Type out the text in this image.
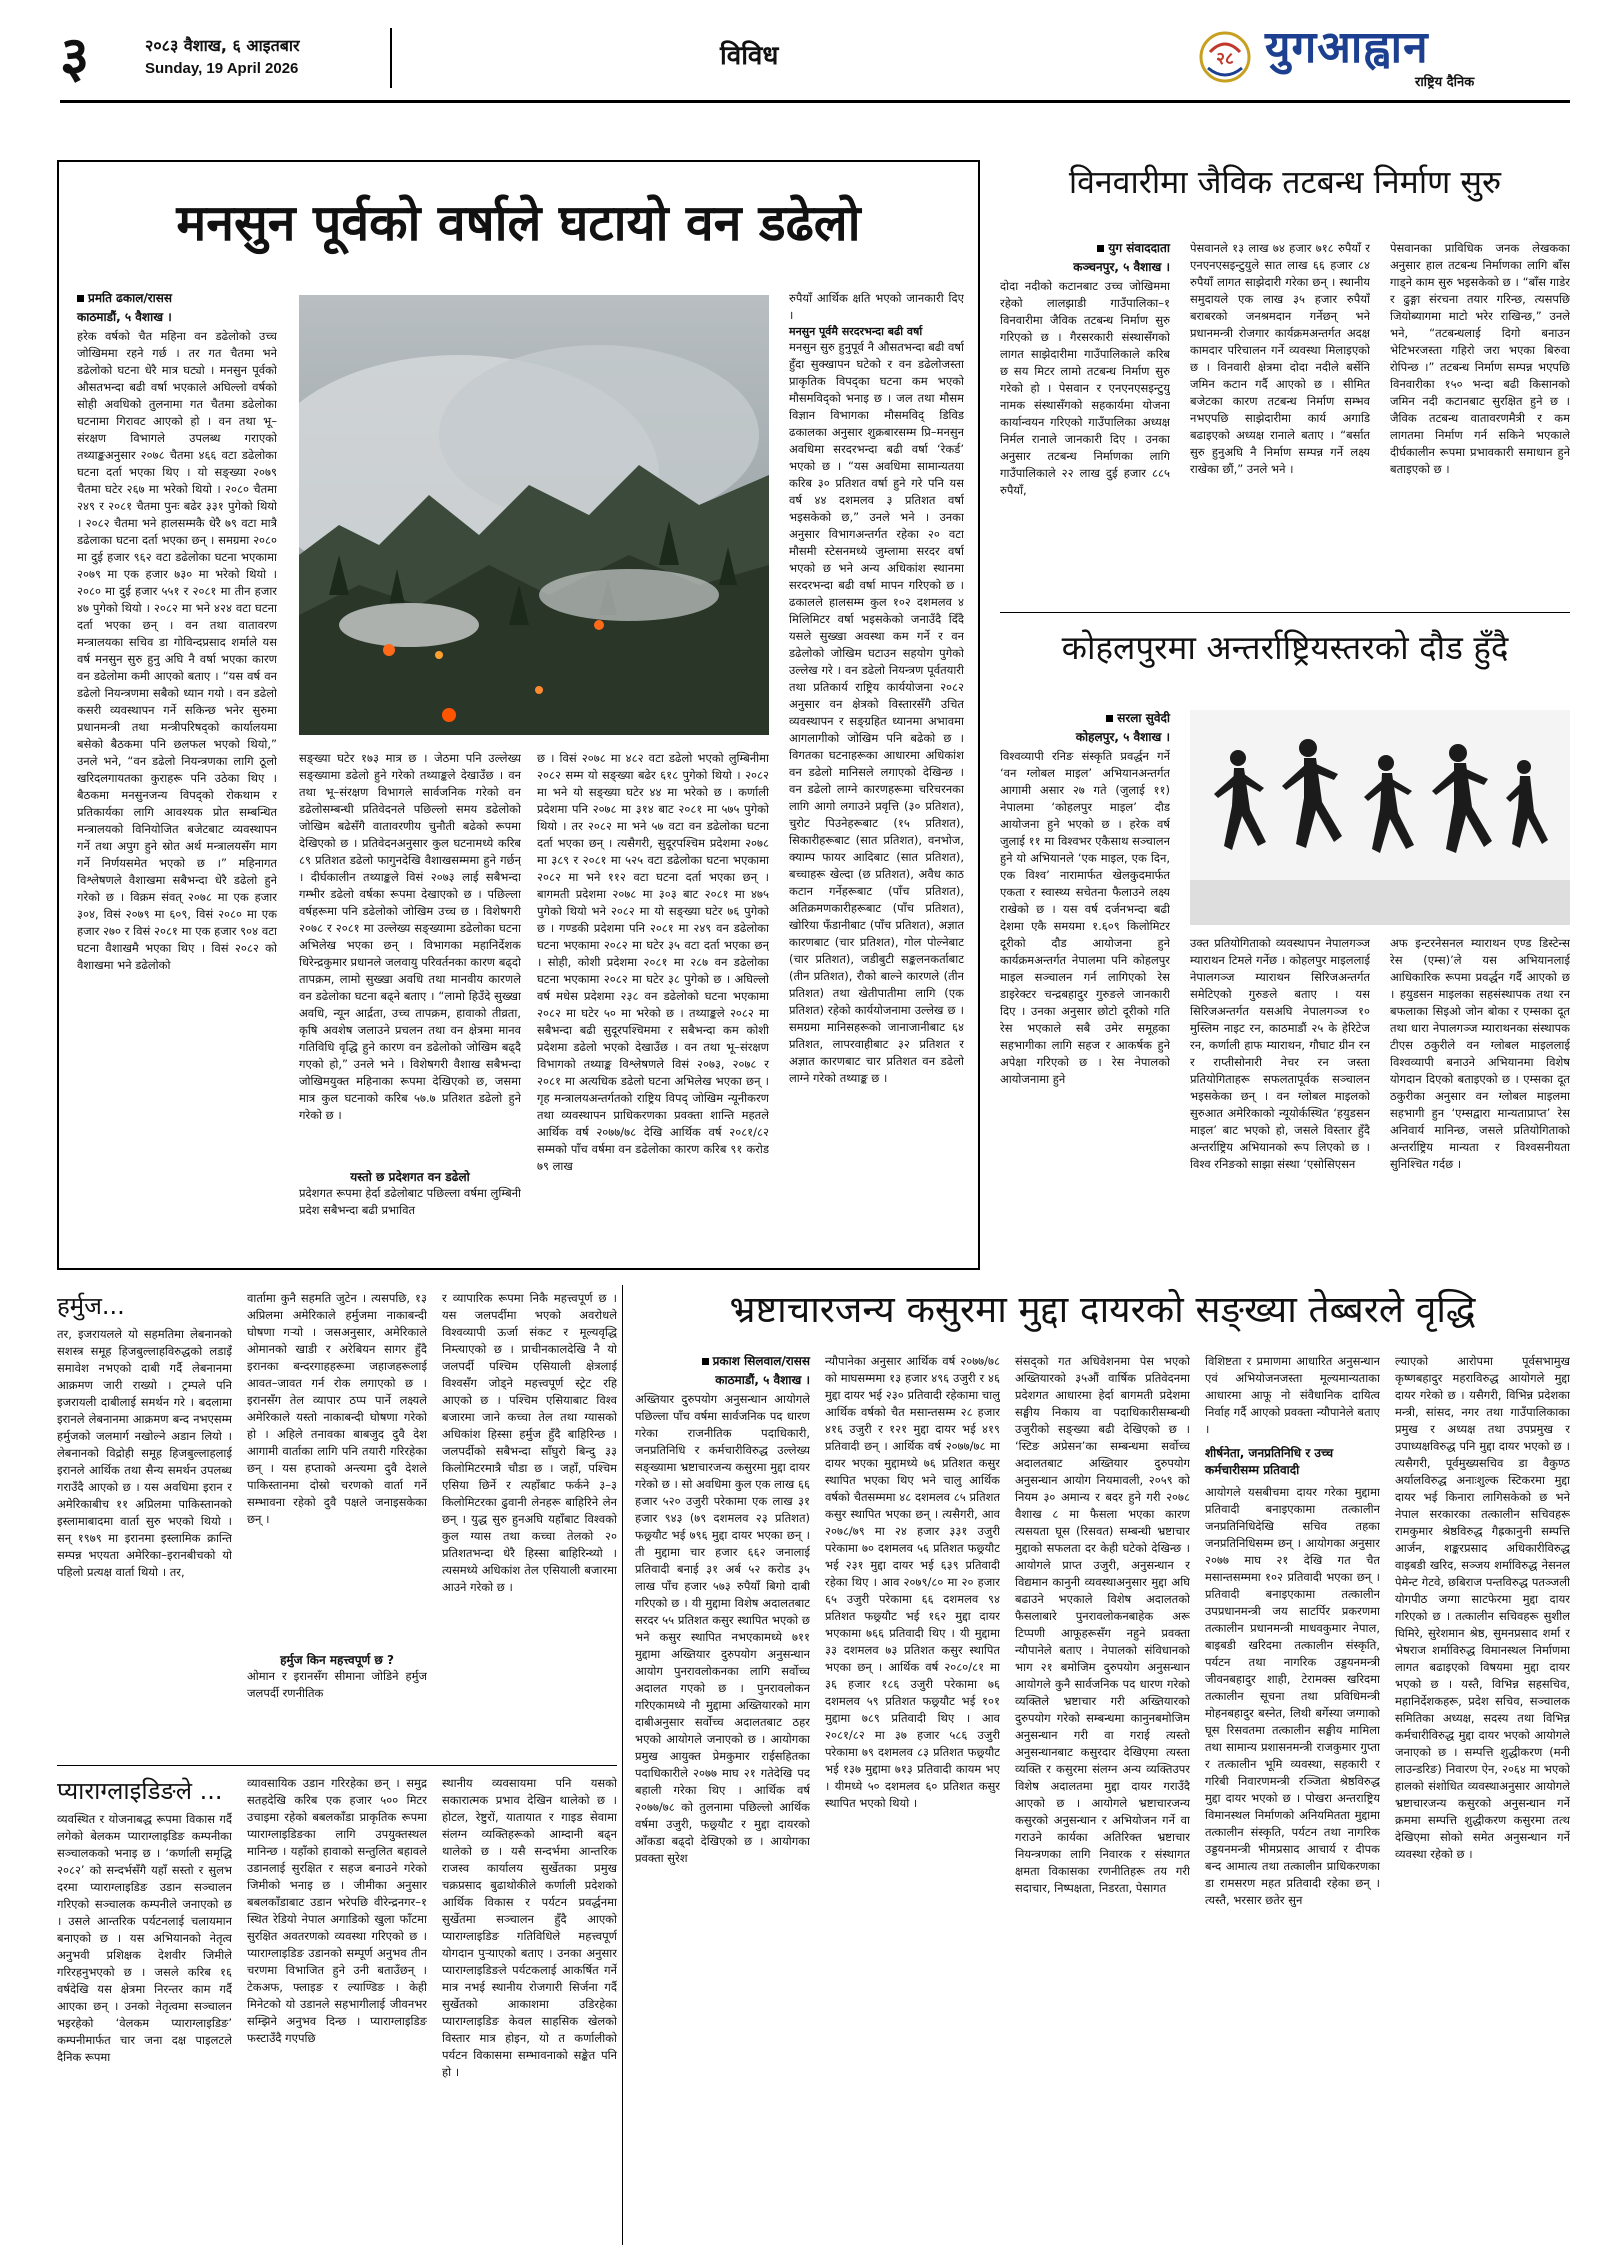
३	२०८३ वैशाख, ६ आइतबार
Sunday, 19 April 2026	विविध	२८ युगआह्वान
राष्ट्रिय दैनिक
मनसुन पूर्वको वर्षाले घटायो वन डढेलो
प्रमति ढकाल/रासस
काठमाडौं, ५ वैशाख ।
हरेक वर्षको चैत महिना वन डढेलोको उच्च जोखिममा रहने गर्छ । तर गत चैतमा भने डढेलोको घटना धेरै मात्र घट्यो । मनसुन पूर्वको औसतभन्दा बढी वर्षा भएकाले अघिल्लो वर्षको सोही अवधिको तुलनामा गत चैतमा डढेलोका घटनामा गिरावट आएको हो । वन तथा भू–संरक्षण विभागले उपलब्ध गराएको तथ्याङ्कअनुसार २०७८ चैतमा ४६६ वटा डढेलोका घटना दर्ता भएका थिए । यो सङ्ख्या २०७९ चैतमा घटेर २६७ मा भरेको थियो । २०८० चैतमा २४९ र २०८१ चैतमा पुनः बढेर ३३१ पुगेको थियो । २०८२ चैतमा भने हालसम्मकै धेरै ७९ वटा मात्रै डढेलाका घटना दर्ता भएका छन् । समग्रमा २०८० मा दुई हजार ९६२ वटा डढेलोका घटना भएकामा २०७९ मा एक हजार ७३० मा भरेको थियो । २०८० मा दुई हजार ५५१ र २०८१ मा तीन हजार ४७ पुगेको थियो । २०८२ मा भने ४२४ वटा घटना दर्ता भएका छन् । वन तथा वातावरण मन्त्रालयका सचिव डा गोविन्दप्रसाद शर्माले यस वर्ष मनसुन सुरु हुनु अघि नै वर्षा भएका कारण वन डढेलोमा कमी आएको बताए । “यस वर्ष वन डढेलो नियन्त्रणमा सबैको ध्यान गयो । वन डढेलो कसरी व्यवस्थापन गर्ने सकिन्छ भनेर सुरुमा प्रधानमन्त्री तथा मन्त्रीपरिषद्को कार्यालयमा बसेको बैठकमा पनि छलफल भएको थियो,” उनले भने, “वन डढेलो नियन्त्रणका लागि ठूलो खरिदलगायतका कुराहरू पनि उठेका थिए । बैठकमा मनसुनजन्य विपद्को रोकथाम र प्रतिकार्यका लागि आवश्यक प्रोत सम्बन्धित मन्त्रालयको विनियोजित बजेटबाट व्यवस्थापन गर्ने तथा अपुग हुने स्रोत अर्थ मन्त्रालयसँग माग गर्ने निर्णयसमेत भएको छ ।” महिनागत विश्लेषणले वैशाखमा सबैभन्दा धेरै डढेलो हुने गरेको छ । विक्रम संवत् २०७८ मा एक हजार ३०४, विसं २०७९ मा ६०९, विसं २०८० मा एक हजार २७० र विसं २०८१ मा एक हजार ९०४ वटा घटना वैशाखमै भएका थिए । विसं २०८२ को वैशाखमा भने डढेलोको
सङ्ख्या घटेर १७३ मात्र छ । जेठमा पनि उल्लेख्य सङ्ख्यामा डढेलो हुने गरेको तथ्याङ्कले देखाउँछ । वन तथा भू–संरक्षण विभागले सार्वजनिक गरेको वन डढेलोसम्बन्धी प्रतिवेदनले पछिल्लो समय डढेलोको जोखिम बढेसँगै वातावरणीय चुनौती बढेको रूपमा देखिएको छ । प्रतिवेदनअनुसार कुल घटनामध्ये करिब ८९ प्रतिशत डढेलो फागुनदेखि वैशाखसम्ममा हुने गर्छन् । दीर्घकालीन तथ्याङ्कले विसं २०७३ लाई सबैभन्दा गम्भीर डढेलो वर्षका रूपमा देखाएको छ । पछिल्ला वर्षहरूमा पनि डढेलोको जोखिम उच्च छ । विशेषगरी २०७८ र २०८१ मा उल्लेख्य सङ्ख्यामा डढेलोका घटना अभिलेख भएका छन् । विभागका महानिर्देशक धिरेन्द्रकुमार प्रधानले जलवायु परिवर्तनका कारण बढ्दो तापक्रम, लामो सुख्खा अवधि तथा मानवीय कारणले वन डढेलोका घटना बढ्ने बताए । “लामो हिउँदे सुख्खा अवधि, न्यून आर्द्रता, उच्च तापक्रम, हावाको तीव्रता, कृषि अवशेष जलाउने प्रचलन तथा वन क्षेत्रमा मानव गतिविधि वृद्धि हुने कारण वन डढेलोको जोखिम बढ्दै गएको हो,” उनले भने । विशेषगरी वैशाख सबैभन्दा जोखिमयुक्त महिनाका रूपमा देखिएको छ, जसमा मात्र कुल घटनाको करिब ५७.७ प्रतिशत डढेलो हुने गरेको छ ।
यस्तो छ प्रदेशगत वन डढेलो
प्रदेशगत रूपमा हेर्दा डढेलोबाट पछिल्ला वर्षमा लुम्बिनी प्रदेश सबैभन्दा बढी प्रभावित
छ । विसं २०७८ मा ४८२ वटा डढेलो भएको लुम्बिनीमा २०८२ सम्म यो सङ्ख्या बढेर ६१८ पुगेको थियो । २०८२ मा भने यो सङ्ख्या घटेर ४४ मा भरेको छ । कर्णाली प्रदेशमा पनि २०७८ मा ३१४ बाट २०८१ मा ५७५ पुगेको थियो । तर २०८२ मा भने ५७ वटा वन डढेलोका घटना दर्ता भएका छन् । त्यसैगरी, सुदूरपश्चिम प्रदेशमा २०७८ मा ३८९ र २०८१ मा ५२५ वटा डढेलोका घटना भएकामा २०८२ मा भने ११२ वटा घटना दर्ता भएका छन् । बागमती प्रदेशमा २०७८ मा ३०३ बाट २०८१ मा ४७५ पुगेको थियो भने २०८२ मा यो सङ्ख्या घटेर ७६ पुगेको छ । गण्डकी प्रदेशमा पनि २०८१ मा २४९ वन डढेलोका घटना भएकामा २०८२ मा घटेर ३५ वटा दर्ता भएका छन् । सोही, कोशी प्रदेशमा २०८१ मा २८७ वन डढेलोका घटना भएकामा २०८२ मा घटेर ३८ पुगेको छ । अघिल्लो वर्ष मधेस प्रदेशमा २३८ वन डढेलोको घटना भएकामा २०८२ मा घटेर ५० मा भरेको छ । तथ्याङ्कले २०८२ मा सबैभन्दा बढी सुदूरपश्चिममा र सबैभन्दा कम कोशी प्रदेशमा डढेलो भएको देखाउँछ । वन तथा भू–संरक्षण विभागको तथ्याङ्क विश्लेषणले विसं २०७३, २०७८ र २०८१ मा अत्यधिक डढेलो घटना अभिलेख भएका छन् । गृह मन्त्रालयअन्तर्गतको राष्ट्रिय विपद् जोखिम न्यूनीकरण तथा व्यवस्थापन प्राधिकरणका प्रवक्ता शान्ति महतले आर्थिक वर्ष २०७७/७८ देखि आर्थिक वर्ष २०८१/८२ सम्मको पाँच वर्षमा वन डढेलोका कारण करिब ९१ करोड ७९ लाख
रुपैयाँ आर्थिक क्षति भएको जानकारी दिए ।
मनसुन पूर्वमै सरदरभन्दा बढी वर्षा
मनसुन सुरु हुनुपूर्व नै औसतभन्दा बढी वर्षा हुँदा सुक्खापन घटेको र वन डढेलोजस्ता प्राकृतिक विपद्का घटना कम भएको मौसमविद्को भनाइ छ । जल तथा मौसम विज्ञान विभागका मौसमविद् डिविड ढकालका अनुसार शुक्रबारसम्म प्रि–मनसुन अवधिमा सरदरभन्दा बढी वर्षा ‘रेकर्ड’ भएको छ । “यस अवधिमा सामान्यतया करिब ३० प्रतिशत वर्षा हुने गरे पनि यस वर्ष ४४ दशमलव ३ प्रतिशत वर्षा भइसकेको छ,” उनले भने । उनका अनुसार विभागअन्तर्गत रहेका २० वटा मौसमी स्टेसनमध्ये जुम्लामा सरदर वर्षा भएको छ भने अन्य अधिकांश स्थानमा सरदरभन्दा बढी वर्षा मापन गरिएको छ । ढकालले हालसम्म कुल १०२ दशमलव ४ मिलिमिटर वर्षा भइसकेको जनाउँदै दिँदै यसले सुख्खा अवस्था कम गर्ने र वन डढेलोको जोखिम घटाउन सहयोग पुगेको उल्लेख गरे । वन डढेलो नियन्त्रण पूर्वतयारी तथा प्रतिकार्य राष्ट्रिय कार्ययोजना २०८२ अनुसार वन क्षेत्रको विस्तारसँगै उचित व्यवस्थापन र सङ्ग्रहित ध्यानमा अभावमा आगलागीको जोखिम पनि बढेको छ । विगतका घटनाहरूका आधारमा अधिकांश वन डढेलो मानिसले लगाएको देखिन्छ । वन डढेलो लाग्ने कारणहरूमा चरिचरनका लागि आगो लगाउने प्रवृत्ति (३० प्रतिशत), चुरोट पिउनेहरूबाट (१५ प्रतिशत), सिकारीहरूबाट (सात प्रतिशत), वनभोज, क्याम्प फायर आदिबाट (सात प्रतिशत), बच्चाहरू खेल्दा (छ प्रतिशत), अवैध काठ कटान गर्नेहरूबाट (पाँच प्रतिशत), अतिक्रमणकारीहरूबाट (पाँच प्रतिशत), खोरिया फँडानीबाट (पाँच प्रतिशत), अज्ञात कारणबाट (चार प्रतिशत), गोल पोल्नेबाट (चार प्रतिशत), जडीबुटी सङ्कलनकर्ताबाट (तीन प्रतिशत), रौको बाल्ने कारणले (तीन प्रतिशत) तथा खेतीपातीमा लागि (एक प्रतिशत) रहेको कार्ययोजनामा उल्लेख छ । समग्रमा मानिसहरूको जानाजानीबाट ६४ प्रतिशत, लापरवाहीबाट ३२ प्रतिशत र अज्ञात कारणबाट चार प्रतिशत वन डढेलो लाग्ने गरेको तथ्याङ्क छ ।
विनवारीमा जैविक तटबन्ध निर्माण सुरु
युग संवाददाता
कञ्चनपुर, ५ वैशाख ।
दोदा नदीको कटानबाट उच्च जोखिममा रहेको लालझाडी गाउँपालिका–१ विनवारीमा जैविक तटबन्ध निर्माण सुरु गरिएको छ । गैरसरकारी संस्थासँगको लागत साझेदारीमा गाउँपालिकाले करिब छ सय मिटर लामो तटबन्ध निर्माण सुरु गरेको हो । पेसवान र एनएनएसइन्टुयु नामक संस्थासँगको सहकार्यमा योजना कार्यान्वयन गरिएको गाउँपालिका अध्यक्ष निर्मल रानाले जानकारी दिए । उनका अनुसार तटबन्ध निर्माणका लागि गाउँपालिकाले २२ लाख दुई हजार ८८५ रुपैयाँ,
पेसवानले १३ लाख ७४ हजार ७१८ रुपैयाँ र एनएनएसइन्टुयुले सात लाख ६६ हजार ८४ रुपैयाँ लागत साझेदारी गरेका छन् । स्थानीय समुदायले एक लाख ३५ हजार रुपैयाँ बराबरको जनश्रमदान गर्नेछन् भने प्रधानमन्त्री रोजगार कार्यक्रमअन्तर्गत अदक्ष कामदार परिचालन गर्ने व्यवस्था मिलाइएको छ । विनवारी क्षेत्रमा दोदा नदीले बर्सेनि जमिन कटान गर्दै आएको छ । सीमित बजेटका कारण तटबन्ध निर्माण सम्भव नभएपछि साझेदारीमा कार्य अगाडि बढाइएको अध्यक्ष रानाले बताए । “बर्सात सुरु हुनुअघि नै निर्माण सम्पन्न गर्ने लक्ष्य राखेका छौं,” उनले भने ।
पेसवानका प्राविधिक जनक लेखकका अनुसार हाल तटबन्ध निर्माणका लागि बाँस गाड्ने काम सुरु भइसकेको छ । “बाँस गाडेर र ढुङ्गा संरचना तयार गरिन्छ, त्यसपछि जियोब्यागमा माटो भरेर राखिन्छ,” उनले भने, “तटबन्धलाई दिगो बनाउन भेटिभरजस्ता गहिरो जरा भएका बिरुवा रोपिन्छ ।” तटबन्ध निर्माण सम्पन्न भएपछि विनवारीका १५० भन्दा बढी किसानको जमिन नदी कटानबाट सुरक्षित हुने छ । जैविक तटबन्ध वातावरणमैत्री र कम लागतमा निर्माण गर्न सकिने भएकाले दीर्घकालीन रूपमा प्रभावकारी समाधान हुने बताइएको छ ।
कोहलपुरमा अन्तर्राष्ट्रियस्तरको दौड हुँदै
सरला सुवेदी
कोहलपुर, ५ वैशाख ।
विश्वव्यापी रनिङ संस्कृति प्रवर्द्धन गर्ने ‘वन ग्लोबल माइल’ अभियानअन्तर्गत आगामी असार २७ गते (जुलाई ११) नेपालमा ‘कोहलपुर माइल’ दौड आयोजना हुने भएको छ । हरेक वर्ष जुलाई ११ मा विश्वभर एकैसाथ सञ्चालन हुने यो अभियानले ‘एक माइल, एक दिन, एक विश्व’ नारामार्फत खेलकुदमार्फत एकता र स्वास्थ्य सचेतना फैलाउने लक्ष्य राखेको छ । यस वर्ष दर्जनभन्दा बढी देशमा एकै समयमा १.६०९ किलोमिटर दूरीको दौड आयोजना हुने कार्यक्रमअन्तर्गत नेपालमा पनि कोहलपुर माइल सञ्चालन गर्न लागिएको रेस डाइरेक्टर चन्द्रबहादुर गुरुङले जानकारी दिए । उनका अनुसार छोटो दूरीको गति रेस भएकाले सबै उमेर समूहका सहभागीका लागि सहज र आकर्षक हुने अपेक्षा गरिएको छ । रेस नेपालको आयोजनामा हुने
उक्त प्रतियोगिताको व्यवस्थापन नेपालगञ्ज म्याराथन टिमले गर्नेछ । कोहलपुर माइललाई नेपालगञ्ज म्याराथन सिरिजअन्तर्गत समेटिएको गुरुङले बताए । यस सिरिजअन्तर्गत यसअघि नेपालगञ्ज १० मुस्लिम नाइट रन, काठमाडौं २५ के हेरिटेज रन, कर्णाली हाफ म्याराथन, गौघाट ग्रीन रन र राप्तीसोनारी नेचर रन जस्ता प्रतियोगिताहरू सफलतापूर्वक सञ्चालन भइसकेका छन् । वन ग्लोबल माइलको सुरुआत अमेरिकाको न्यूयोर्कस्थित ‘हयुडसन माइल’ बाट भएको हो, जसले विस्तार हुँदै अन्तर्राष्ट्रिय अभियानको रूप लिएको छ । विश्व रनिङको साझा संस्था ‘एसोसिएसन
अफ इन्टरनेसनल म्याराथन एण्ड डिस्टेन्स रेस (एम्स)’ले यस अभियानलाई आधिकारिक रूपमा प्रवर्द्धन गर्दै आएको छ । हयुडसन माइलका सहसंस्थापक तथा रन बफलाका सिइओ जोन बोका र एम्सका दूत तथा धारा नेपालगञ्ज म्याराथनका संस्थापक टीएस ठकुरीले वन ग्लोबल माइललाई विश्वव्यापी बनाउने अभियानमा विशेष योगदान दिएको बताइएको छ । एम्सका दूत ठकुरीका अनुसार वन ग्लोबल माइलमा सहभागी हुन ‘एम्सद्वारा मान्यताप्राप्त’ रेस अनिवार्य मानिन्छ, जसले प्रतियोगिताको अन्तर्राष्ट्रिय मान्यता र विश्वसनीयता सुनिश्चित गर्दछ ।
हर्मुज...
तर, इजरायलले यो सहमतिमा लेबनानको सशस्त्र समूह हिजबुल्लाहविरुद्धको लडाइँ समावेश नभएको दाबी गर्दै लेबनानमा आक्रमण जारी राख्यो । ट्रम्पले पनि इजरायली दाबीलाई समर्थन गरे । बदलामा इरानले लेबनानमा आक्रमण बन्द नभएसम्म हर्मुजको जलमार्ग नखोल्ने अडान लियो । लेबनानको विद्रोही समूह हिजबुल्लाहलाई इरानले आर्थिक तथा सैन्य समर्थन उपलब्ध गराउँदै आएको छ । यस अवधिमा इरान र अमेरिकाबीच ११ अप्रिलमा पाकिस्तानको इस्लामाबादमा वार्ता सुरु भएको थियो । सन् १९७९ मा इरानमा इस्लामिक क्रान्ति सम्पन्न भएयता अमेरिका–इरानबीचको यो पहिलो प्रत्यक्ष वार्ता थियो । तर,
वार्तामा कुनै सहमति जुटेन । त्यसपछि, १३ अप्रिलमा अमेरिकाले हर्मुजमा नाकाबन्दी घोषणा गऱ्यो । जसअनुसार, अमेरिकाले ओमानको खाडी र अरेबियन सागर हुँदै इरानका बन्दरगाहहरूमा जहाजहरूलाई आवत–जावत गर्न रोक लगाएको छ । इरानसँग तेल व्यापार ठप्प पार्ने लक्ष्यले अमेरिकाले यस्तो नाकाबन्दी घोषणा गरेको हो । अहिले तनावका बाबजुद दुवै देश आगामी वार्ताका लागि पनि तयारी गरिरहेका छन् । यस हप्ताको अन्त्यमा दुवै देशले पाकिस्तानमा दोस्रो चरणको वार्ता गर्ने सम्भावना रहेको दुवै पक्षले जनाइसकेका छन् ।
हर्मुज किन महत्त्वपूर्ण छ ?
ओमान र इरानसँग सीमाना जोडिने हर्मुज जलपर्दी रणनीतिक
र व्यापारिक रूपमा निकै महत्त्वपूर्ण छ । यस जलपर्दीमा भएको अवरोधले विश्वव्यापी ऊर्जा संकट र मूल्यवृद्धि निम्त्याएको छ । प्राचीनकालदेखि नै यो जलपर्दी पश्चिम एसियाली क्षेत्रलाई विश्वसँग जोड्ने महत्त्वपूर्ण स्ट्रेट रहि आएको छ । पश्चिम एसियाबाट विश्व बजारमा जाने कच्चा तेल तथा ग्यासको अधिकांश हिस्सा हर्मुज हुँदै बाहिरिन्छ । जलपर्दीको सबैभन्दा साँघुरो बिन्दु ३३ किलोमिटरमात्रै चौडा छ । जहाँ, पश्चिम एसिया छिर्ने र त्यहाँबाट फर्कने ३–३ किलोमिटरका ढुवानी लेनहरू बाहिरिने लेन छन् । युद्ध सुरु हुनअघि यहाँबाट विश्वको कुल ग्यास तथा कच्चा तेलको २० प्रतिशतभन्दा धेरै हिस्सा बाहिरिन्थ्यो । त्यसमध्ये अधिकांश तेल एसियाली बजारमा आउने गरेको छ ।
प्याराग्लाइडिङले ...
व्यवस्थित र योजनाबद्ध रूपमा विकास गर्दै लगेको बेलकम प्याराग्लाइडिङ कम्पनीका सञ्चालकको भनाइ छ । ‘कर्णाली समृद्धि २०८२’ को सन्दर्भसँगै यहाँ सस्तो र सुलभ दरमा प्याराग्लाइडिङ उडान सञ्चालन गरिएको सञ्चालक कम्पनीले जनाएको छ । उसले आन्तरिक पर्यटनलाई चलायमान बनाएको छ । यस अभियानको नेतृत्व अनुभवी प्रशिक्षक देशवीर जिमीले गरिरहनुभएको छ । जसले करिब १६ वर्षदेखि यस क्षेत्रमा निरन्तर काम गर्दै आएका छन् । उनको नेतृत्वमा सञ्चालन भइरहेको ‘वेलकम प्याराग्लाइडिङ’ कम्पनीमार्फत चार जना दक्ष पाइलटले दैनिक रूपमा
व्यावसायिक उडान गरिरहेका छन् । समुद्र सतहदेखि करिब एक हजार ५०० मिटर उचाइमा रहेको बबलकाँडा प्राकृतिक रूपमा प्याराग्लाइडिङका लागि उपयुक्तस्थल मानिन्छ । यहाँको हावाको सन्तुलित बहावले उडानलाई सुरक्षित र सहज बनाउने गरेको जिमीको भनाइ छ । जीमीका अनुसार बबलकाँडाबाट उडान भरेपछि वीरेन्द्रनगर–१ स्थित रेडियो नेपाल अगाडिको खुला फाँटमा सुरक्षित अवतरणको व्यवस्था गरिएको छ । प्याराग्लाइडिङ उडानको सम्पूर्ण अनुभव तीन चरणमा विभाजित हुने उनी बताउँछन् । टेकअफ, फ्लाइङ र ल्याण्डिङ । केही मिनेटको यो उडानले सहभागीलाई जीवनभर सम्झिने अनुभव दिन्छ । प्याराग्लाइडिङ फस्टाउँदै गएपछि
स्थानीय व्यवसायमा पनि यसको सकारात्मक प्रभाव देखिन थालेको छ । होटल, रेष्टुरों, यातायात र गाइड सेवामा संलग्न व्यक्तिहरूको आम्दानी बढ्न थालेको छ । यसै सन्दर्भमा आन्तरिक राजस्व कार्यालय सुर्खेतका प्रमुख चक्रप्रसाद बुढाथोकीले कर्णाली प्रदेशको आर्थिक विकास र पर्यटन प्रवर्द्धनमा सुर्खेतमा सञ्चालन हुँदै आएको प्याराग्लाइडिङ गतिविधिले महत्त्वपूर्ण योगदान पुऱ्याएको बताए । उनका अनुसार प्याराग्लाइडिङले पर्यटकलाई आकर्षित गर्ने मात्र नभई स्थानीय रोजगारी सिर्जना गर्दै सुर्खेतको आकाशमा उडिरहेका प्याराग्लाइडिङ केवल साहसिक खेलको विस्तार मात्र होइन, यो त कर्णालीको पर्यटन विकासमा सम्भावनाको सङ्केत पनि हो ।
भ्रष्टाचारजन्य कसुरमा मुद्दा दायरको सङ्ख्या तेब्बरले वृद्धि
प्रकाश सिलवाल/रासस
काठमाडौं, ५ वैशाख ।
अख्तियार दुरुपयोग अनुसन्धान आयोगले पछिल्ला पाँच वर्षमा सार्वजनिक पद धारण गरेका राजनीतिक पदाधिकारी, जनप्रतिनिधि र कर्मचारीविरुद्ध उल्लेख्य सङ्ख्यामा भ्रष्टाचारजन्य कसुरमा मुद्दा दायर गरेको छ । सो अवधिमा कुल एक लाख ६६ हजार ५२० उजुरी परेकामा एक लाख ३१ हजार ९४३ (७९ दशमलव २३ प्रतिशत) फछ्र्यौट भई ७९६ मुद्दा दायर भएका छन् । ती मुद्दामा चार हजार ६६२ जनालाई प्रतिवादी बनाई ३१ अर्ब ५२ करोड ३५ लाख पाँच हजार ५७३ रुपैयाँ बिगो दाबी गरिएको छ । यी मुद्दामा विशेष अदालतबाट सरदर ५५ प्रतिशत कसुर स्थापित भएको छ भने कसुर स्थापित नभएकामध्ये ७११ मुद्दामा अख्तियार दुरुपयोग अनुसन्धान आयोग पुनरावलोकनका लागि सर्वोच्च अदालत गएको छ । पुनरावलोकन गरिएकामध्ये नौ मुद्दामा अख्तियारको माग दाबीअनुसार सर्वोच्च अदालतबाट ठहर भएको आयोगले जनाएको छ । आयोगका प्रमुख आयुक्त प्रेमकुमार राईसहितका पदाधिकारीले २०७७ माघ २१ गतेदेखि पद बहाली गरेका थिए । आर्थिक वर्ष २०७७/७८ को तुलनामा पछिल्लो आर्थिक वर्षमा उजुरी, फछ्र्यौट र मुद्दा दायरको आँकडा बढ्दो देखिएको छ । आयोगका प्रवक्ता सुरेश
न्यौपानेका अनुसार आर्थिक वर्ष २०७७/७८ को माघसम्ममा १३ हजार ४९६ उजुरी र ४६ मुद्दा दायर भई २३० प्रतिवादी रहेकामा चालु आर्थिक वर्षको चैत मसान्तसम्म २८ हजार ४१६ उजुरी र १२१ मुद्दा दायर भई ४१९ प्रतिवादी छन् । आर्थिक वर्ष २०७७/७८ मा दायर भएका मुद्दामध्ये ७६ प्रतिशत कसुर स्थापित भएका थिए भने चालु आर्थिक वर्षको चैतसम्ममा ४८ दशमलव ८५ प्रतिशत कसुर स्थापित भएका छन् । त्यसैगरी, आव २०७८/७९ मा २४ हजार ३३१ उजुरी परेकामा ७० दशमलव ५६ प्रतिशत फछ्र्यौट भई २३१ मुद्दा दायर भई ६३९ प्रतिवादी रहेका थिए । आव २०७९/८० मा २० हजार ६५ उजुरी परेकामा ६६ दशमलव ९४ प्रतिशत फछ्र्यौट भई १६२ मुद्दा दायर भएकामा ७६६ प्रतिवादी थिए । यी मुद्दामा ३३ दशमलव ७३ प्रतिशत कसुर स्थापित भएका छन् । आर्थिक वर्ष २०८०/८१ मा ३६ हजार १८६ उजुरी परेकामा ७६ दशमलव ५९ प्रतिशत फछ्र्यौट भई १०१ मुद्दामा ७८९ प्रतिवादी थिए । आव २०८१/८२ मा ३७ हजार ५८६ उजुरी परेकामा ७९ दशमलव ८३ प्रतिशत फछ्र्यौट भई १३७ मुद्दामा ७१३ प्रतिवादी कायम भए । यीमध्ये ५० दशमलव ६० प्रतिशत कसुर स्थापित भएको थियो ।
संसद्को गत अधिवेशनमा पेस भएको अख्तियारको ३५औं वार्षिक प्रतिवेदनमा प्रदेशगत आधारमा हेर्दा बागमती प्रदेशमा सङ्घीय निकाय वा पदाधिकारीसम्बन्धी उजुरीको सङ्ख्या बढी देखिएको छ । ‘स्टिङ अप्रेसन’का सम्बन्धमा सर्वोच्च अदालतबाट अख्तियार दुरुपयोग अनुसन्धान आयोग नियमावली, २०५९ को नियम ३० अमान्य र बदर हुने गरी २०७८ वैशाख ८ मा फैसला भएका कारण त्यसयता घूस (रिसवत) सम्बन्धी भ्रष्टाचार मुद्दाको सफलता दर केही घटेको देखिन्छ । आयोगले प्राप्त उजुरी, अनुसन्धान र विद्यमान कानुनी व्यवस्थाअनुसार मुद्दा अघि बढाउने भएकाले विशेष अदालतको फैसलाबारे पुनरावलोकनबाहेक अरू टिप्पणी आफूहरूसँग नहुने प्रवक्ता न्यौपानेले बताए । नेपालको संविधानको भाग २१ बमोजिम दुरुपयोग अनुसन्धान आयोगले कुनै सार्वजनिक पद धारण गरेको व्यक्तिले भ्रष्टाचार गरी अख्तियारको दुरुपयोग गरेको सम्बन्धमा कानुनबमोजिम अनुसन्धान गरी वा गराई त्यस्तो अनुसन्धानबाट कसुरदार देखिएमा त्यस्ता व्यक्ति र कसुरमा संलग्न अन्य व्यक्तिउपर विशेष अदालतमा मुद्दा दायर गराउँदै आएको छ । आयोगले भ्रष्टाचारजन्य कसुरको अनुसन्धान र अभियोजन गर्ने वा गराउने कार्यका अतिरिक्त भ्रष्टाचार नियन्त्रणका लागि निवारक र संस्थागत क्षमता विकासका रणनीतिहरू तय गरी सदाचार, निष्पक्षता, निडरता, पेसागत
विशिष्टता र प्रमाणमा आधारित अनुसन्धान एवं अभियोजनजस्ता मूल्यमान्यताका आधारमा आफू नो संवैधानिक दायित्व निर्वाह गर्दै आएको प्रवक्ता न्यौपानेले बताए ।
शीर्षनेता, जनप्रतिनिधि र उच्च कर्मचारीसम्म प्रतिवादी
आयोगले यसबीचमा दायर गरेका मुद्दामा प्रतिवादी बनाइएकामा तत्कालीन जनप्रतिनिधिदेखि सचिव तहका जनप्रतिनिधिसम्म छन् । आयोगका अनुसार २०७७ माघ २१ देखि गत चैत मसान्तसम्ममा १०२ प्रतिवादी भएका छन् । प्रतिवादी बनाइएकामा तत्कालीन उपप्रधानमन्त्री जय साटर्पिर प्रकरणमा तत्कालीन प्रधानमन्त्री माधवकुमार नेपाल, बाइबडी खरिदमा तत्कालीन संस्कृति, पर्यटन तथा नागरिक उड्डयनमन्त्री जीवनबहादुर शाही, टेरामक्स खरिदमा तत्कालीन सूचना तथा प्रविधिमन्त्री मोहनबहादुर बस्नेत, लिथी बर्गेस्या जग्गाको घूस रिसवतमा तत्कालीन सङ्घीय मामिला तथा सामान्य प्रशासनमन्त्री राजकुमार गुप्ता र तत्कालीन भूमि व्यवस्था, सहकारी र गरिबी निवारणमन्त्री रञ्जिता श्रेष्ठविरुद्ध मुद्दा दायर भएको छ । पोखरा अन्तराष्ट्रिय विमानस्थल निर्माणको अनियमितता मुद्दामा तत्कालीन संस्कृति, पर्यटन तथा नागरिक उड्डयनमन्त्री भीमप्रसाद आचार्य र दीपक बन्द आमात्य तथा तत्कालीन प्राधिकरणका डा रामसरण महत प्रतिवादी रहेका छन् । त्यस्तै, भरसार छतेर सुन
ल्याएको आरोपमा पूर्वसभामुख कृष्णबहादुर महराविरुद्ध आयोगले मुद्दा दायर गरेको छ । यसैगरी, विभिन्न प्रदेशका मन्त्री, सांसद, नगर तथा गाउँपालिकाका प्रमुख र अध्यक्ष तथा उपप्रमुख र उपाध्यक्षविरुद्ध पनि मुद्दा दायर भएको छ । त्यसैगरी, पूर्वमुख्यसचिव डा वैकुण्ठ अर्यालविरुद्ध अनाःशुल्क स्टिकरमा मुद्दा दायर भई किनारा लागिसकेको छ भने नेपाल सरकारका तत्कालीन सचिवहरू रामकुमार श्रेष्ठविरुद्ध गैह्रकानुनी सम्पत्ति आर्जन, शङ्करप्रसाद अधिकारीविरुद्ध वाइबडी खरिद, सञ्जय शर्माविरुद्ध नेसनल पेमेन्ट गेटवे, छबिराज पन्तविरुद्ध पतञ्जली योगपीठ जग्गा साटफेरमा मुद्दा दायर गरिएको छ । तत्कालीन सचिवहरू सुशील घिमिरे, सुरेशमान श्रेष्ठ, सुमनप्रसाद शर्मा र भेषराज शर्माविरुद्ध विमानस्थल निर्माणमा लागत बढाइएको विषयमा मुद्दा दायर भएको छ । यस्तै, विभिन्न सहसचिव, महानिर्देशकहरू, प्रदेश सचिव, सञ्चालक समितिका अध्यक्ष, सदस्य तथा विभिन्न कर्मचारीविरुद्ध मुद्दा दायर भएको आयोगले जनाएको छ । सम्पत्ति शुद्धीकरण (मनी लाउन्डरिङ) निवारण ऐन, २०६४ मा भएको हालको संशोधित व्यवस्थाअनुसार आयोगले भ्रष्टाचारजन्य कसुरको अनुसन्धान गर्ने क्रममा सम्पत्ति शुद्धीकरण कसुरमा तत्थ देखिएमा सोको समेत अनुसन्धान गर्ने व्यवस्था रहेको छ ।
